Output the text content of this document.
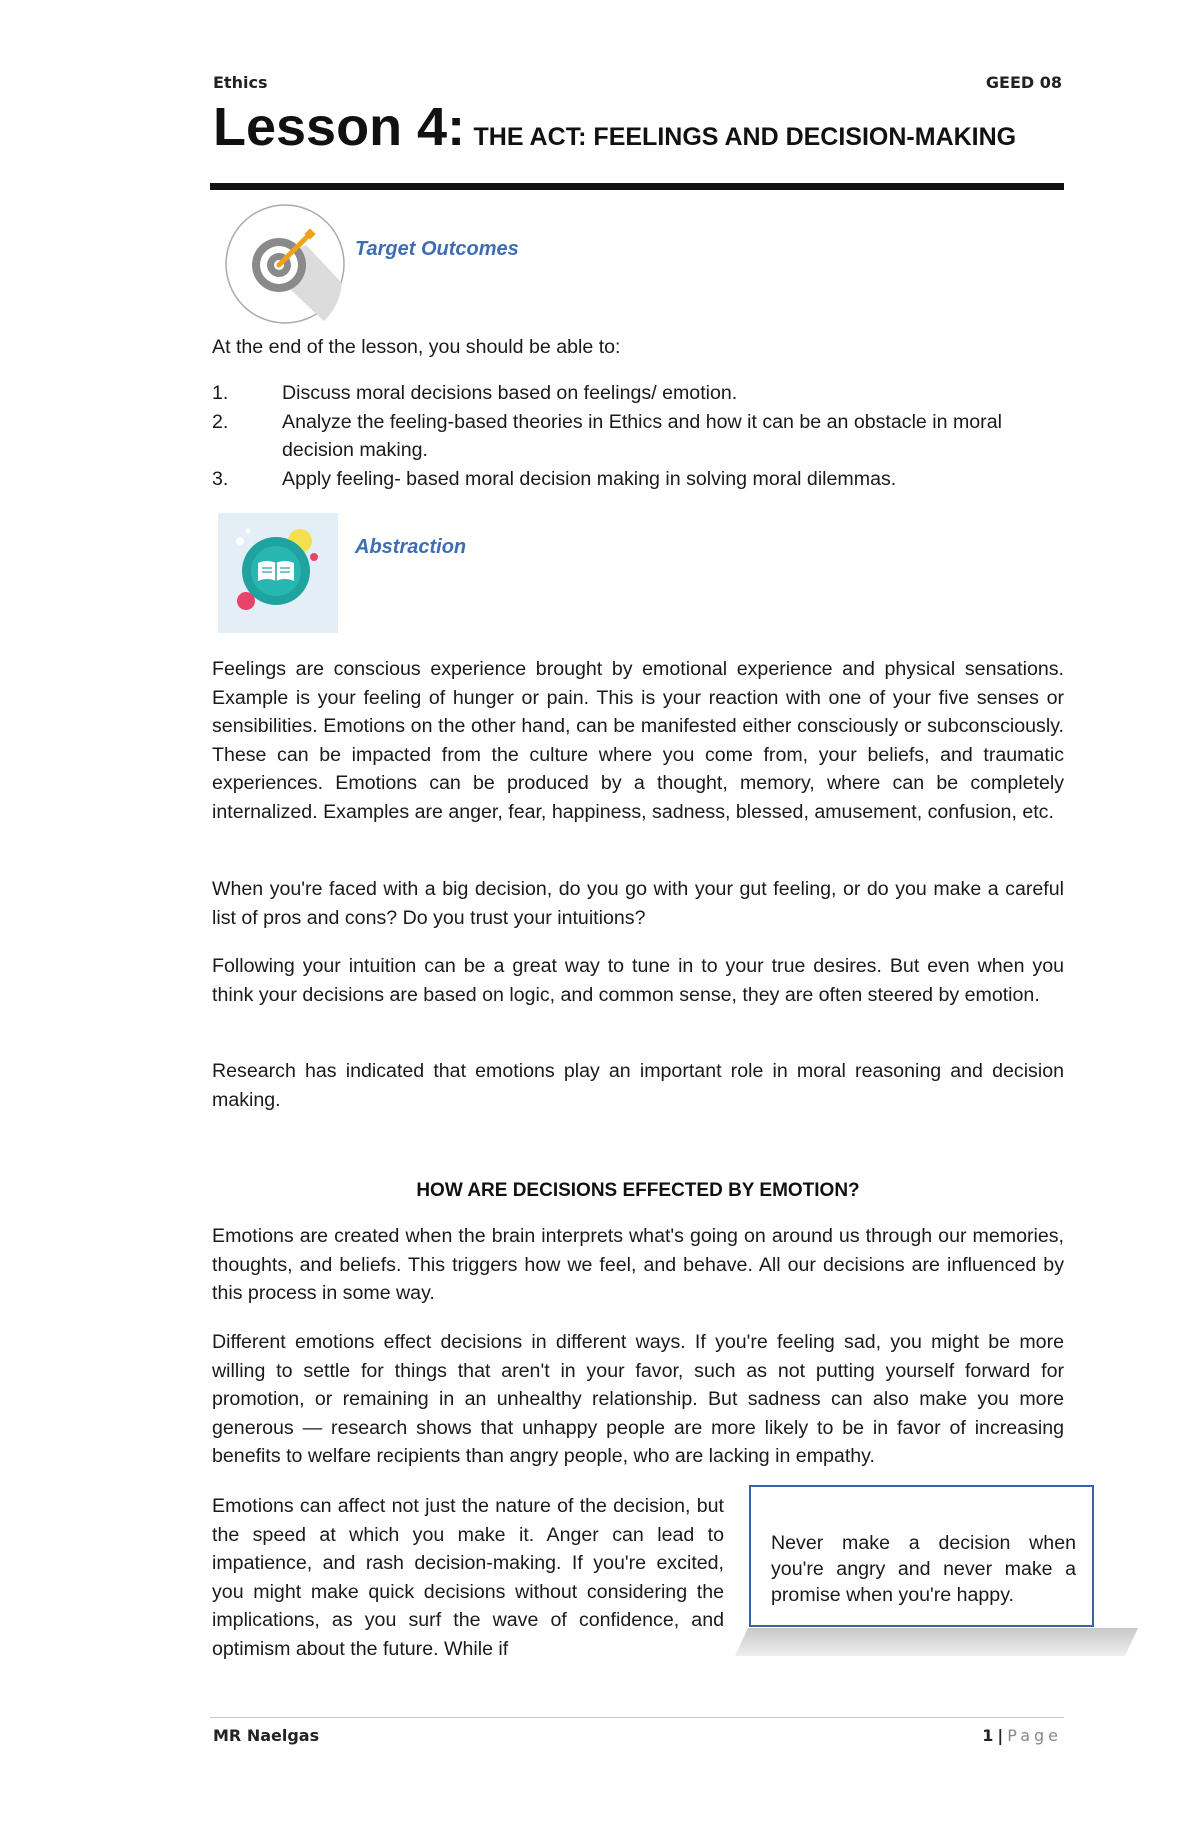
Ethics	GEED 08
Lesson 4: THE ACT: FEELINGS AND DECISION-MAKING
Target Outcomes
At the end of the lesson, you should be able to:
1.	Discuss moral decisions based on feelings/ emotion.
2.	Analyze the feeling-based theories in Ethics and how it can be an obstacle in moral decision making.
3.	Apply feeling- based moral decision making in solving moral dilemmas.
Abstraction
Feelings are conscious experience brought by emotional experience and physical sensations. Example is your feeling of hunger or pain. This is your reaction with one of your five senses or sensibilities. Emotions on the other hand, can be manifested either consciously or subconsciously. These can be impacted from the culture where you come from, your beliefs, and traumatic experiences. Emotions can be produced by a thought, memory, where can be completely internalized. Examples are anger, fear, happiness, sadness, blessed, amusement, confusion, etc.
When you're faced with a big decision, do you go with your gut feeling, or do you make a careful list of pros and cons? Do you trust your intuitions?
Following your intuition can be a great way to tune in to your true desires. But even when you think your decisions are based on logic, and common sense, they are often steered by emotion.
Research has indicated that emotions play an important role in moral reasoning and decision making.
HOW ARE DECISIONS EFFECTED BY EMOTION?
Emotions are created when the brain interprets what's going on around us through our memories, thoughts, and beliefs. This triggers how we feel, and behave. All our decisions are influenced by this process in some way.
Different emotions effect decisions in different ways. If you're feeling sad, you might be more willing to settle for things that aren't in your favor, such as not putting yourself forward for promotion, or remaining in an unhealthy relationship. But sadness can also make you more generous — research shows that unhappy people are more likely to be in favor of increasing benefits to welfare recipients than angry people, who are lacking in empathy.
Emotions can affect not just the nature of the decision, but the speed at which you make it. Anger can lead to impatience, and rash decision-making. If you're excited, you might make quick decisions without considering the implications, as you surf the wave of confidence, and optimism about the future. While if
Never make a decision when you're angry and never make a promise when you're happy.
MR Naelgas	1 | Page
